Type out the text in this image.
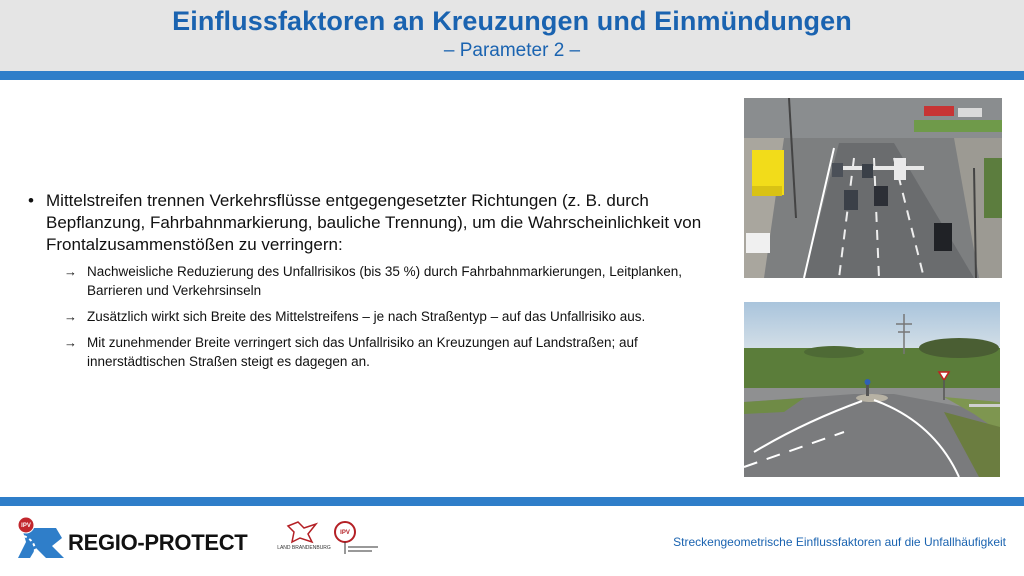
Einflussfaktoren an Kreuzungen und Einmündungen
– Parameter 2 –
• Mittelstreifen trennen Verkehrsflüsse entgegengesetzter Richtungen (z. B. durch Bepflanzung, Fahrbahnmarkierung, bauliche Trennung), um die Wahrscheinlichkeit von Frontalzusammenstößen zu verringern:
→ Nachweisliche Reduzierung des Unfallrisikos (bis 35 %) durch Fahrbahnmarkierungen, Leitplanken, Barrieren und Verkehrsinseln
→ Zusätzlich wirkt sich Breite des Mittelstreifens – je nach Straßentyp – auf das Unfallrisiko aus.
→ Mit zunehmender Breite verringert sich das Unfallrisiko an Kreuzungen auf Landstraßen; auf innerstädtischen Straßen steigt es dagegen an.
IPV
REGIO-PROTECT	LAND BRANDENBURG
IPV
Streckengeometrische Einflussfaktoren auf die Unfallhäufigkeit
